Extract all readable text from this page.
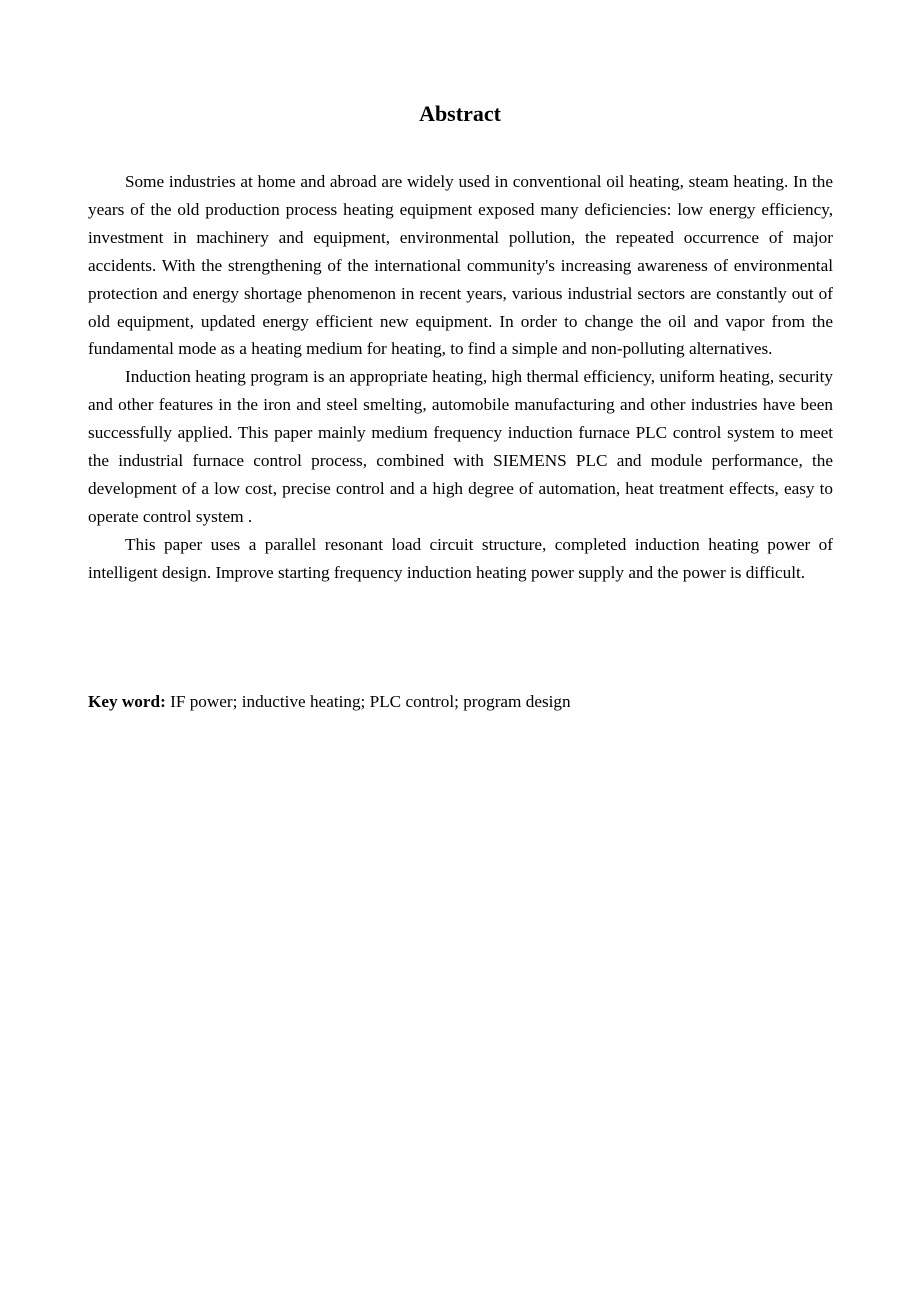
Abstract

Some industries at home and abroad are widely used in conventional oil heating, steam heating. In the years of the old production process heating equipment exposed many deficiencies: low energy efficiency, investment in machinery and equipment, environmental pollution, the repeated occurrence of major accidents. With the strengthening of the international community's increasing awareness of environmental protection and energy shortage phenomenon in recent years, various industrial sectors are constantly out of old equipment, updated energy efficient new equipment. In order to change the oil and vapor from the fundamental mode as a heating medium for heating, to find a simple and non-polluting alternatives.

Induction heating program is an appropriate heating, high thermal efficiency, uniform heating, security and other features in the iron and steel smelting, automobile manufacturing and other industries have been successfully applied. This paper mainly medium frequency induction furnace PLC control system to meet the industrial furnace control process, combined with SIEMENS PLC and module performance, the development of a low cost, precise control and a high degree of automation, heat treatment effects, easy to operate control system .

This paper uses a parallel resonant load circuit structure, completed induction heating power of intelligent design. Improve starting frequency induction heating power supply and the power is difficult.

Key word: IF power; inductive heating; PLC control; program design
